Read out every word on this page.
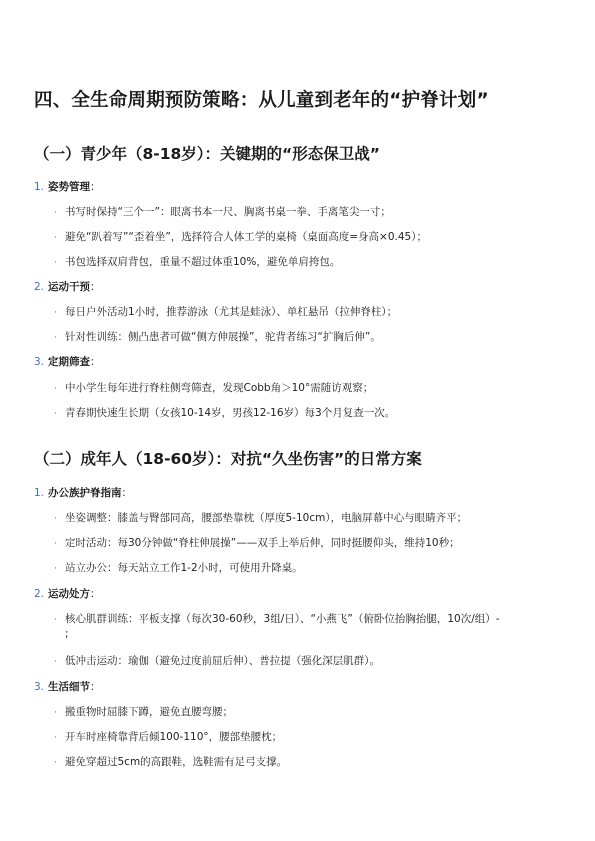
四、全生命周期预防策略：从儿童到老年的“护脊计划”
（一）青少年（8-18岁）：关键期的“形态保卫战”
1. 姿势管理：
· 书写时保持“三个一”：眼离书本一尺、胸离书桌一拳、手离笔尖一寸；
· 避免“趴着写”“歪着坐”，选择符合人体工学的桌椅（桌面高度=身高×0.45）；
· 书包选择双肩背包，重量不超过体重10%，避免单肩挎包。
2. 运动干预：
· 每日户外活动1小时，推荐游泳（尤其是蛙泳）、单杠悬吊（拉伸脊柱）；
· 针对性训练：侧凸患者可做“侧方伸展操”，驼背者练习“扩胸后伸”。
3. 定期筛查：
· 中小学生每年进行脊柱侧弯筛查，发现Cobb角＞10°需随访观察；
· 青春期快速生长期（女孩10-14岁，男孩12-16岁）每3个月复查一次。
（二）成年人（18-60岁）：对抗“久坐伤害”的日常方案
1. 办公族护脊指南：
· 坐姿调整：膝盖与臀部同高，腰部垫靠枕（厚度5-10cm），电脑屏幕中心与眼睛齐平；
· 定时活动：每30分钟做“脊柱伸展操”——双手上举后伸，同时挺腰仰头，维持10秒；
· 站立办公：每天站立工作1-2小时，可使用升降桌。
2. 运动处方：
· 核心肌群训练：平板支撑（每次30-60秒，3组/日）、“小燕飞”（俯卧位抬胸抬腿，10次/组）-
;
· 低冲击运动：瑜伽（避免过度前屈后伸）、普拉提（强化深层肌群）。
3. 生活细节：
· 搬重物时屈膝下蹲，避免直腰弯腰；
· 开车时座椅靠背后倾100-110°，腰部垫腰枕；
· 避免穿超过5cm的高跟鞋，选鞋需有足弓支撑。
